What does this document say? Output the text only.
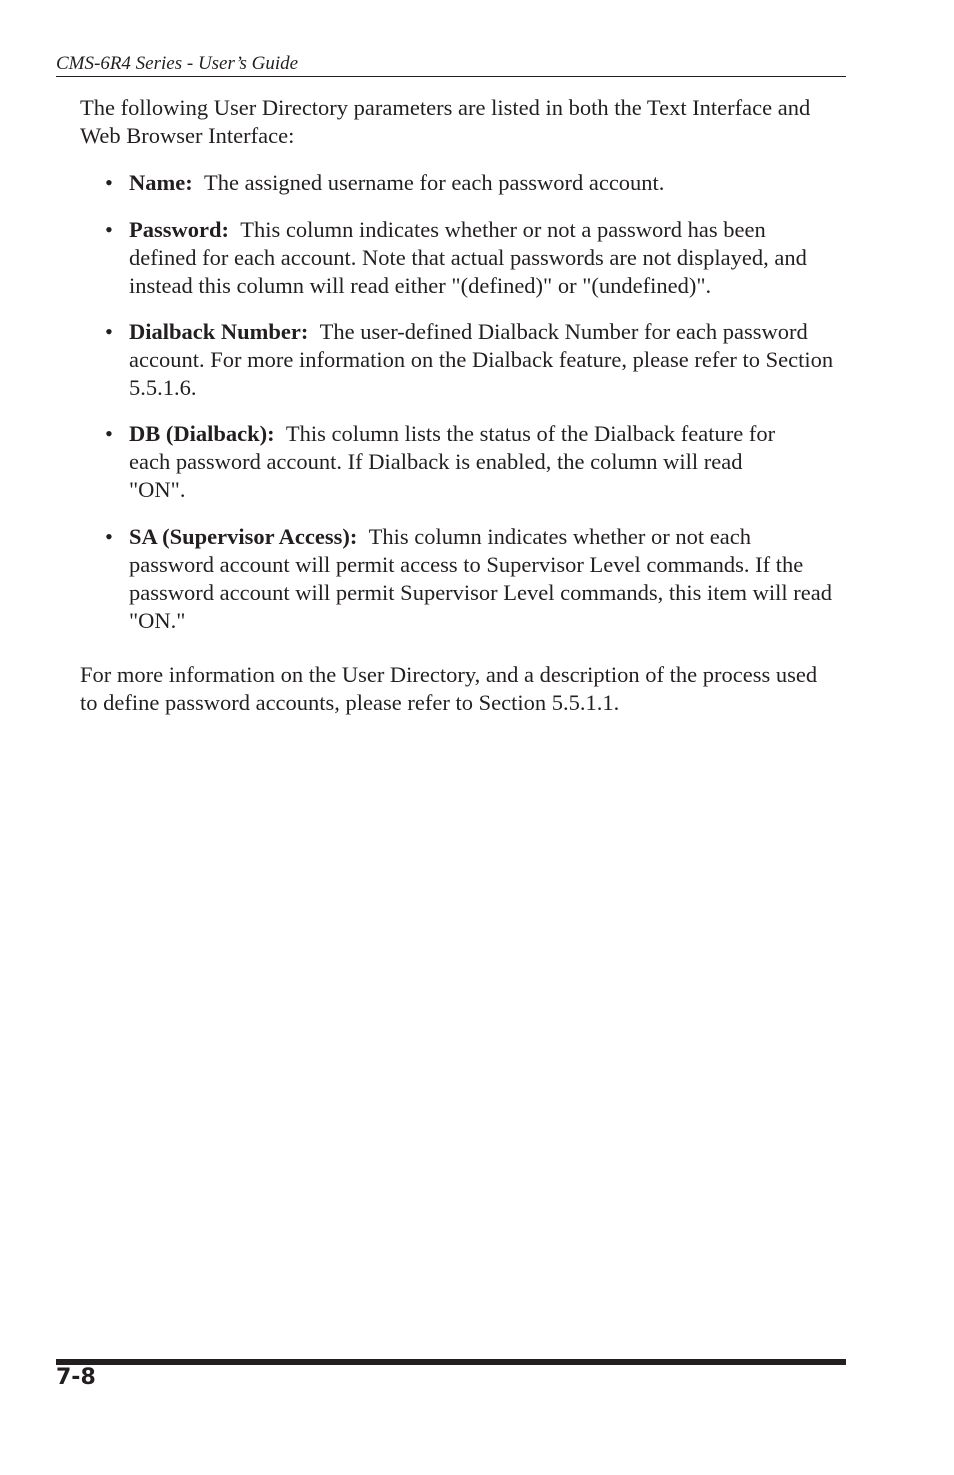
CMS-6R4 Series - User’s Guide
The following User Directory parameters are listed in both the Text Interface and Web Browser Interface:
• Name: The assigned username for each password account.
• Password: This column indicates whether or not a password has been defined for each account. Note that actual passwords are not displayed, and instead this column will read either "(defined)" or "(undefined)".
• Dialback Number: The user-defined Dialback Number for each password account. For more information on the Dialback feature, please refer to Section 5.5.1.6.
• DB (Dialback): This column lists the status of the Dialback feature for each password account. If Dialback is enabled, the column will read "ON".
• SA (Supervisor Access): This column indicates whether or not each password account will permit access to Supervisor Level commands. If the password account will permit Supervisor Level commands, this item will read "ON."
For more information on the User Directory, and a description of the process used to define password accounts, please refer to Section 5.5.1.1.
7-8
